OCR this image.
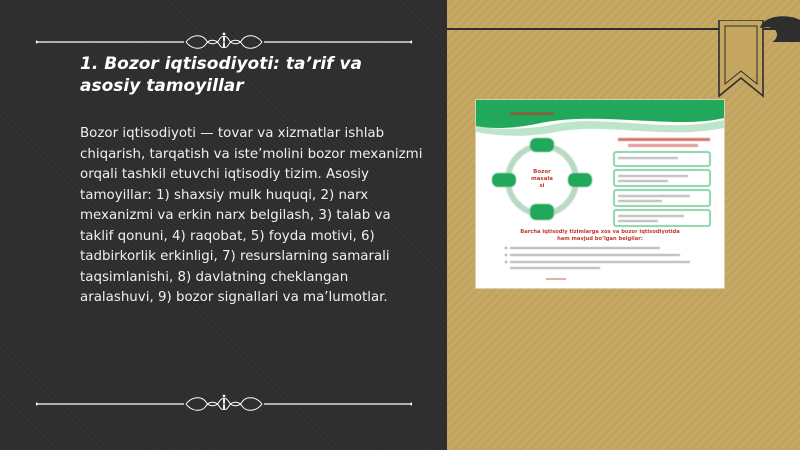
1. Bozor iqtisodiyoti: ta’rif va asosiy tamoyillar
Bozor iqtisodiyoti — tovar va xizmatlar ishlab chiqarish, tarqatish va iste’molini bozor mexanizmi orqali tashkil etuvchi iqtisodiy tizim. Asosiy tamoyillar: 1) shaxsiy mulk huquqi, 2) narx mexanizmi va erkin narx belgilash, 3) talab va taklif qonuni, 4) raqobat, 5) foyda motivi, 6) tadbirkorlik erkinligi, 7) resurslarning samarali taqsimlanishi, 8) davlatning cheklangan aralashuvi, 9) bozor signallari va ma’lumotlar.
Bozor
masala
si
Barcha iqtisodiy tizimlarga xos va bozor iqtisodiyotida
ham mavjud bo‘lgan belgilar:
